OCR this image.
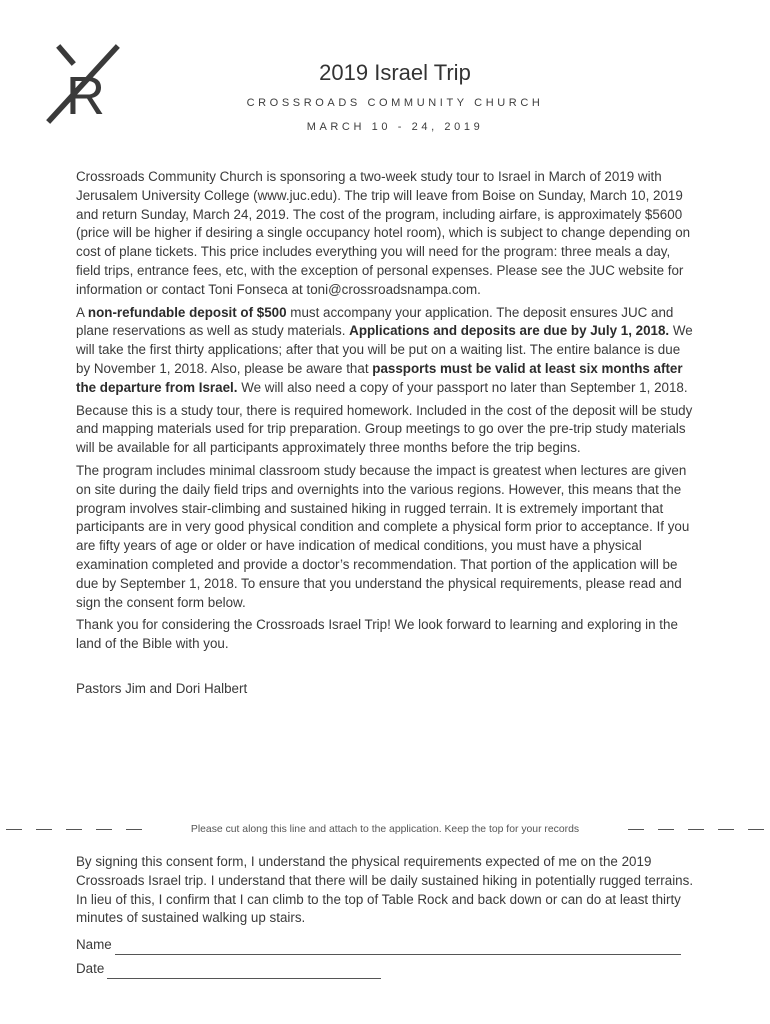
R	2019 Israel Trip
CROSSROADS COMMUNITY CHURCH
MARCH 10 - 24, 2019

Crossroads Community Church is sponsoring a two-week study tour to Israel in March of 2019 with Jerusalem University College (www.juc.edu). The trip will leave from Boise on Sunday, March 10, 2019 and return Sunday, March 24, 2019. The cost of the program, including airfare, is approximately $5600 (price will be higher if desiring a single occupancy hotel room), which is subject to change depending on cost of plane tickets. This price includes everything you will need for the program: three meals a day, field trips, entrance fees, etc, with the exception of personal expenses. Please see the JUC website for information or contact Toni Fonseca at toni@crossroadsnampa.com.

A non-refundable deposit of $500 must accompany your application. The deposit ensures JUC and plane reservations as well as study materials. Applications and deposits are due by July 1, 2018. We will take the first thirty applications; after that you will be put on a waiting list. The entire balance is due by November 1, 2018. Also, please be aware that passports must be valid at least six months after the departure from Israel. We will also need a copy of your passport no later than September 1, 2018.

Because this is a study tour, there is required homework. Included in the cost of the deposit will be study and mapping materials used for trip preparation. Group meetings to go over the pre-trip study materials will be available for all participants approximately three months before the trip begins.

The program includes minimal classroom study because the impact is greatest when lectures are given on site during the daily field trips and overnights into the various regions. However, this means that the program involves stair-climbing and sustained hiking in rugged terrain. It is extremely important that participants are in very good physical condition and complete a physical form prior to acceptance. If you are fifty years of age or older or have indication of medical conditions, you must have a physical examination completed and provide a doctor’s recommendation. That portion of the application will be due by September 1, 2018. To ensure that you understand the physical requirements, please read and sign the consent form below.

Thank you for considering the Crossroads Israel Trip! We look forward to learning and exploring in the land of the Bible with you.

Pastors Jim and Dori Halbert

Please cut along this line and attach to the application. Keep the top for your records

By signing this consent form, I understand the physical requirements expected of me on the 2019 Crossroads Israel trip. I understand that there will be daily sustained hiking in potentially rugged terrains. In lieu of this, I confirm that I can climb to the top of Table Rock and back down or can do at least thirty minutes of sustained walking up stairs.

Name
Date
